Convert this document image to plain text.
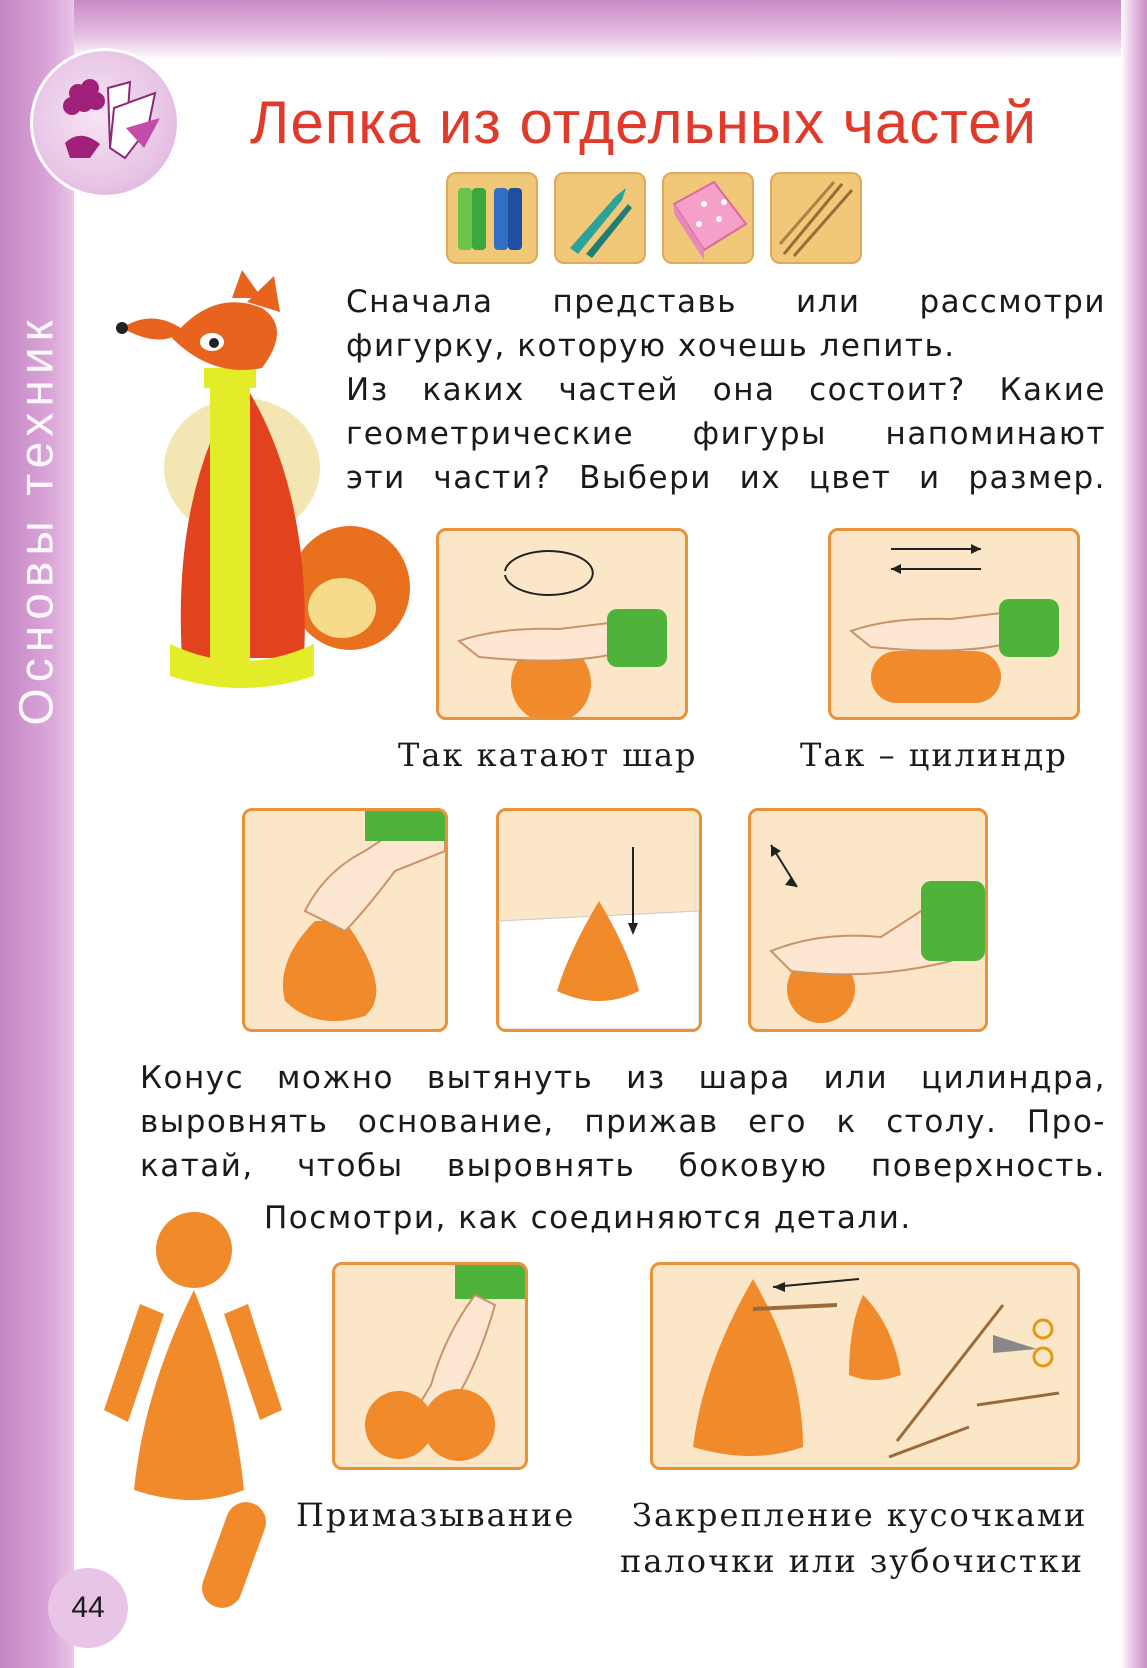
Основы техник
Лепка из отдельных частей
Сначала представь или рассмотри
фигурку, которую хочешь лепить.
Из каких частей она состоит? Какие
геометрические фигуры напоминают
эти части? Выбери их цвет и размер.
Так катают шар	Так – цилиндр
Конус можно вытянуть из шара или цилиндра,
выровнять основание, прижав его к столу. Про-
катай, чтобы выровнять боковую поверхность.
Посмотри, как соединяются детали.
Примазывание Закрепление кусочками
палочки или зубочистки
44
